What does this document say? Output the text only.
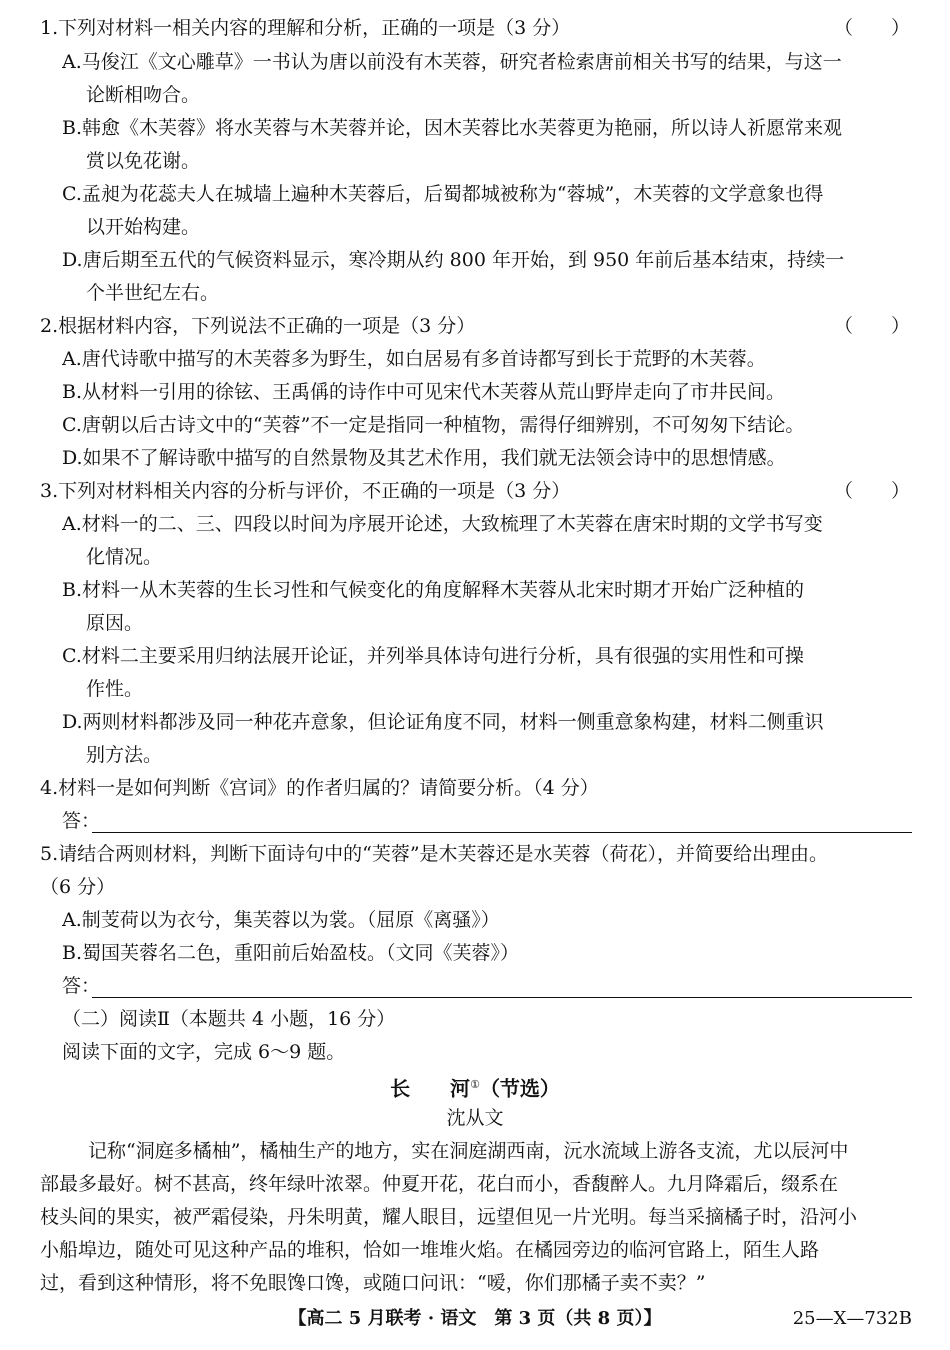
1.下列对材料一相关内容的理解和分析，正确的一项是（3 分）	（　　）
A.马俊江《文心雕草》一书认为唐以前没有木芙蓉，研究者检索唐前相关书写的结果，与这一
论断相吻合。
B.韩愈《木芙蓉》将水芙蓉与木芙蓉并论，因木芙蓉比水芙蓉更为艳丽，所以诗人祈愿常来观
赏以免花谢。
C.孟昶为花蕊夫人在城墙上遍种木芙蓉后，后蜀都城被称为“蓉城”，木芙蓉的文学意象也得
以开始构建。
D.唐后期至五代的气候资料显示，寒冷期从约 800 年开始，到 950 年前后基本结束，持续一
个半世纪左右。
2.根据材料内容，下列说法不正确的一项是（3 分）	（　　）
A.唐代诗歌中描写的木芙蓉多为野生，如白居易有多首诗都写到长于荒野的木芙蓉。
B.从材料一引用的徐铉、王禹偁的诗作中可见宋代木芙蓉从荒山野岸走向了市井民间。
C.唐朝以后古诗文中的“芙蓉”不一定是指同一种植物，需得仔细辨别，不可匆匆下结论。
D.如果不了解诗歌中描写的自然景物及其艺术作用，我们就无法领会诗中的思想情感。
3.下列对材料相关内容的分析与评价，不正确的一项是（3 分）	（　　）
A.材料一的二、三、四段以时间为序展开论述，大致梳理了木芙蓉在唐宋时期的文学书写变
化情况。
B.材料一从木芙蓉的生长习性和气候变化的角度解释木芙蓉从北宋时期才开始广泛种植的
原因。
C.材料二主要采用归纳法展开论证，并列举具体诗句进行分析，具有很强的实用性和可操
作性。
D.两则材料都涉及同一种花卉意象，但论证角度不同，材料一侧重意象构建，材料二侧重识
别方法。
4.材料一是如何判断《宫词》的作者归属的？请简要分析。（4 分）
答：
5.请结合两则材料，判断下面诗句中的“芙蓉”是木芙蓉还是水芙蓉（荷花），并简要给出理由。
（6 分）
A.制芰荷以为衣兮，集芙蓉以为裳。（屈原《离骚》）
B.蜀国芙蓉名二色，重阳前后始盈枝。（文同《芙蓉》）
答：
（二）阅读Ⅱ（本题共 4 小题，16 分）
阅读下面的文字，完成 6～9 题。
长　　河①（节选）
沈从文
记称“洞庭多橘柚”，橘柚生产的地方，实在洞庭湖西南，沅水流域上游各支流，尤以辰河中
部最多最好。树不甚高，终年绿叶浓翠。仲夏开花，花白而小，香馥醉人。九月降霜后，缀系在
枝头间的果实，被严霜侵染，丹朱明黄，耀人眼目，远望但见一片光明。每当采摘橘子时，沿河小
小船埠边，随处可见这种产品的堆积，恰如一堆堆火焰。在橘园旁边的临河官路上，陌生人路
过，看到这种情形，将不免眼馋口馋，或随口问讯：“嗳，你们那橘子卖不卖？”
【高二 5 月联考 · 语文　第 3 页（共 8 页）】	25—X—732B
